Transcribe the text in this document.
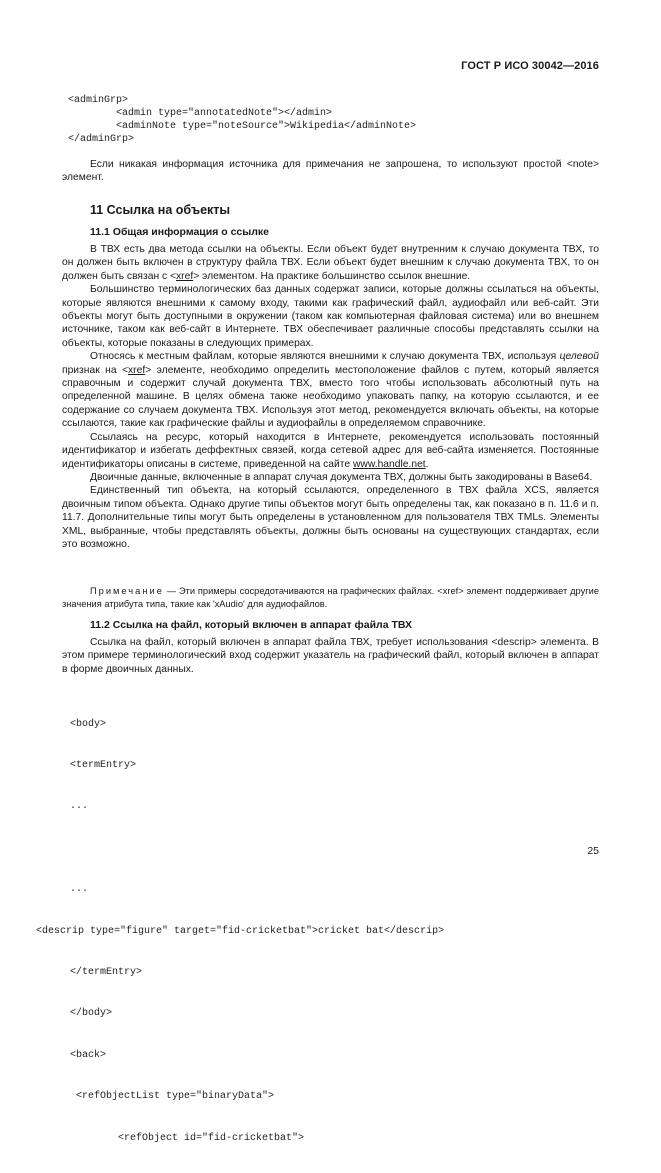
ГОСТ Р ИСО 30042—2016
<adminGrp>
<admin type="annotatedNote"></admin>
<adminNote type="noteSource">Wikipedia</adminNote>
</adminGrp>
Если никакая информация источника для примечания не запрошена, то используют простой <note> элемент.
11 Ссылка на объекты
11.1 Общая информация о ссылке
В ТВХ есть два метода ссылки на объекты. Если объект будет внутренним к случаю документа ТВХ, то он должен быть включен в структуру файла ТВХ. Если объект будет внешним к случаю документа ТВХ, то он должен быть связан с <xref> элементом. На практике большинство ссылок внешние.
Большинство терминологических баз данных содержат записи, которые должны ссылаться на объекты, которые являются внешними к самому входу, такими как графический файл, аудиофайл или веб-сайт. Эти объекты могут быть доступными в окружении (таком как компьютерная файловая система) или во внешнем источнике, таком как веб-сайт в Интернете. ТВХ обеспечивает различные способы представлять ссылки на объекты, которые показаны в следующих примерах.
Относясь к местным файлам, которые являются внешними к случаю документа ТВХ, используя целевой признак на <xref> элементе, необходимо определить местоположение файлов с путем, который является справочным и содержит случай документа ТВХ, вместо того чтобы использовать абсолютный путь на определенной машине. В целях обмена также необходимо упаковать папку, на которую ссылаются, и ее содержание со случаем документа ТВХ. Используя этот метод, рекомендуется включать объекты, на которые ссылаются, такие как графические файлы и аудиофайлы в определяемом справочнике.
Ссылаясь на ресурс, который находится в Интернете, рекомендуется использовать постоянный идентификатор и избегать деффектных связей, когда сетевой адрес для веб-сайта изменяется. Постоянные идентификаторы описаны в системе, приведенной на сайте www.handle.net.
Двоичные данные, включенные в аппарат случая документа ТВХ, должны быть закодированы в Base64.
Единственный тип объекта, на который ссылаются, определенного в ТВХ файла XCS, является двоичным типом объекта. Однако другие типы объектов могут быть определены так, как показано в п. 11.6 и п. 11.7. Дополнительные типы могут быть определены в установленном для пользователя ТВХ TMLs. Элементы XML, выбранные, чтобы представлять объекты, должны быть основаны на существующих стандартах, если это возможно.
Примечание — Эти примеры сосредотачиваются на графических файлах. <xref> элемент поддерживает другие значения атрибута типа, такие как 'xAudio' для аудиофайлов.
11.2 Ссылка на файл, который включен в аппарат файла ТВХ
Ссылка на файл, который включен в аппарат файла ТВХ, требует использования <descrip> элемента. В этом примере терминологический вход содержит указатель на графический файл, который включен в аппарат в форме двоичных данных.

<body>

<termEntry>

...

...

<descrip type="figure" target="fid-cricketbat">cricket bat</descrip>

</termEntry>

</body>

<back>

<refObjectList type="binaryData">

<refObject id="fid-cricketbat">

25
